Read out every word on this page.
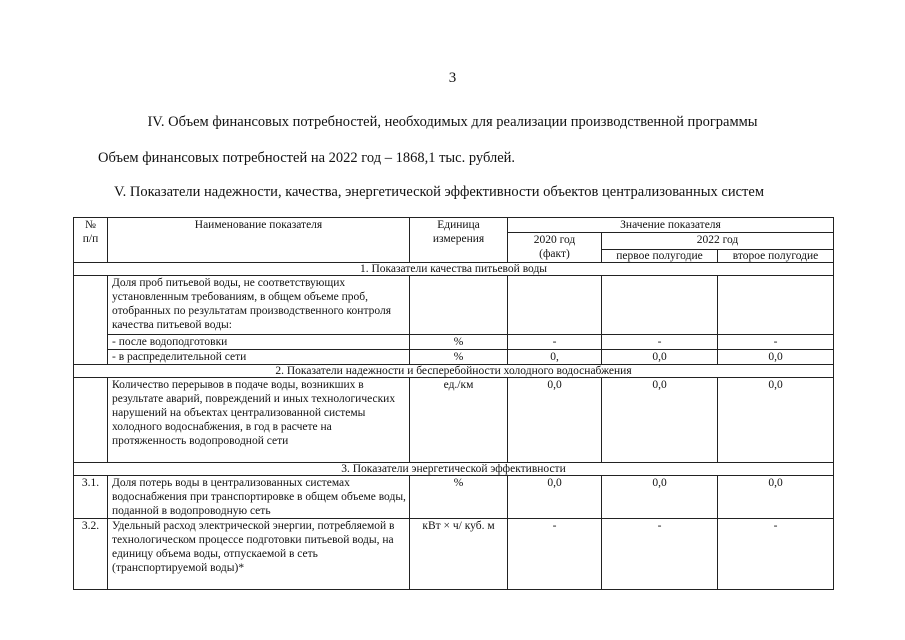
3
IV. Объем финансовых потребностей, необходимых для реализации производственной программы
Объем финансовых потребностей на 2022 год – 1868,1 тыс. рублей.
V. Показатели надежности, качества, энергетической эффективности объектов централизованных систем
№ п/п	Наименование показателя	Единица измерения	Значение показателя		
			2020 год (факт)	2022 год	
				первое полугодие	второе полугодие
1. Показатели качества питьевой воды					
	Доля проб питьевой воды, не соответствующих установленным требованиям, в общем объеме проб, отобранных по результатам производственного контроля качества питьевой воды:				
	- после водоподготовки	%	-	-	-
	- в распределительной сети	%	0,	0,0	0,0
2. Показатели надежности и бесперебойности холодного водоснабжения					
	Количество перерывов в подаче воды, возникших в результате аварий, повреждений и иных технологических нарушений на объектах централизованной системы холодного водоснабжения, в год в расчете на протяженность водопроводной сети	ед./км	0,0	0,0	0,0
3. Показатели энергетической эффективности					
3.1.	Доля потерь воды в централизованных системах водоснабжения при транспортировке в общем объеме воды, поданной в водопроводную сеть	%	0,0	0,0	0,0
3.2.	Удельный расход электрической энергии, потребляемой в технологическом процессе подготовки питьевой воды, на единицу объема воды, отпускаемой в сеть (транспортируемой воды)*	кВт × ч/ куб. м	-	-	-
